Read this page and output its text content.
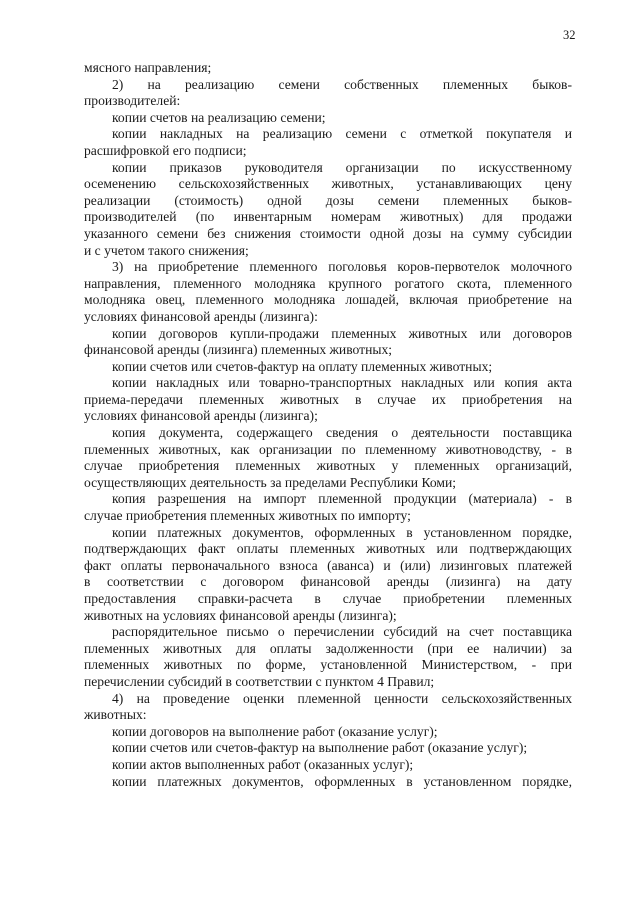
32
мясного направления;
2) на реализацию семени собственных племенных быков-
производителей:
копии счетов на реализацию семени;
копии накладных на реализацию семени с отметкой покупателя и
расшифровкой его подписи;
копии приказов руководителя организации по искусственному
осеменению сельскохозяйственных животных, устанавливающих цену
реализации (стоимость) одной дозы семени племенных быков-
производителей (по инвентарным номерам животных) для продажи
указанного семени без снижения стоимости одной дозы на сумму субсидии
и с учетом такого снижения;
3) на приобретение племенного поголовья коров-первотелок молочного
направления, племенного молодняка крупного рогатого скота, племенного
молодняка овец, племенного молодняка лошадей, включая приобретение на
условиях финансовой аренды (лизинга):
копии договоров купли-продажи племенных животных или договоров
финансовой аренды (лизинга) племенных животных;
копии счетов или счетов-фактур на оплату племенных животных;
копии накладных или товарно-транспортных накладных или копия акта
приема-передачи племенных животных в случае их приобретения на
условиях финансовой аренды (лизинга);
копия документа, содержащего сведения о деятельности поставщика
племенных животных, как организации по племенному животноводству, - в
случае приобретения племенных животных у племенных организаций,
осуществляющих деятельность за пределами Республики Коми;
копия разрешения на импорт племенной продукции (материала) - в
случае приобретения племенных животных по импорту;
копии платежных документов, оформленных в установленном порядке,
подтверждающих факт оплаты племенных животных или подтверждающих
факт оплаты первоначального взноса (аванса) и (или) лизинговых платежей
в соответствии с договором финансовой аренды (лизинга) на дату
предоставления справки-расчета в случае приобретении племенных
животных на условиях финансовой аренды (лизинга);
распорядительное письмо о перечислении субсидий на счет поставщика
племенных животных для оплаты задолженности (при ее наличии) за
племенных животных по форме, установленной Министерством, - при
перечислении субсидий в соответствии с пунктом 4 Правил;
4) на проведение оценки племенной ценности сельскохозяйственных
животных:
копии договоров на выполнение работ (оказание услуг);
копии счетов или счетов-фактур на выполнение работ (оказание услуг);
копии актов выполненных работ (оказанных услуг);
копии платежных документов, оформленных в установленном порядке,
